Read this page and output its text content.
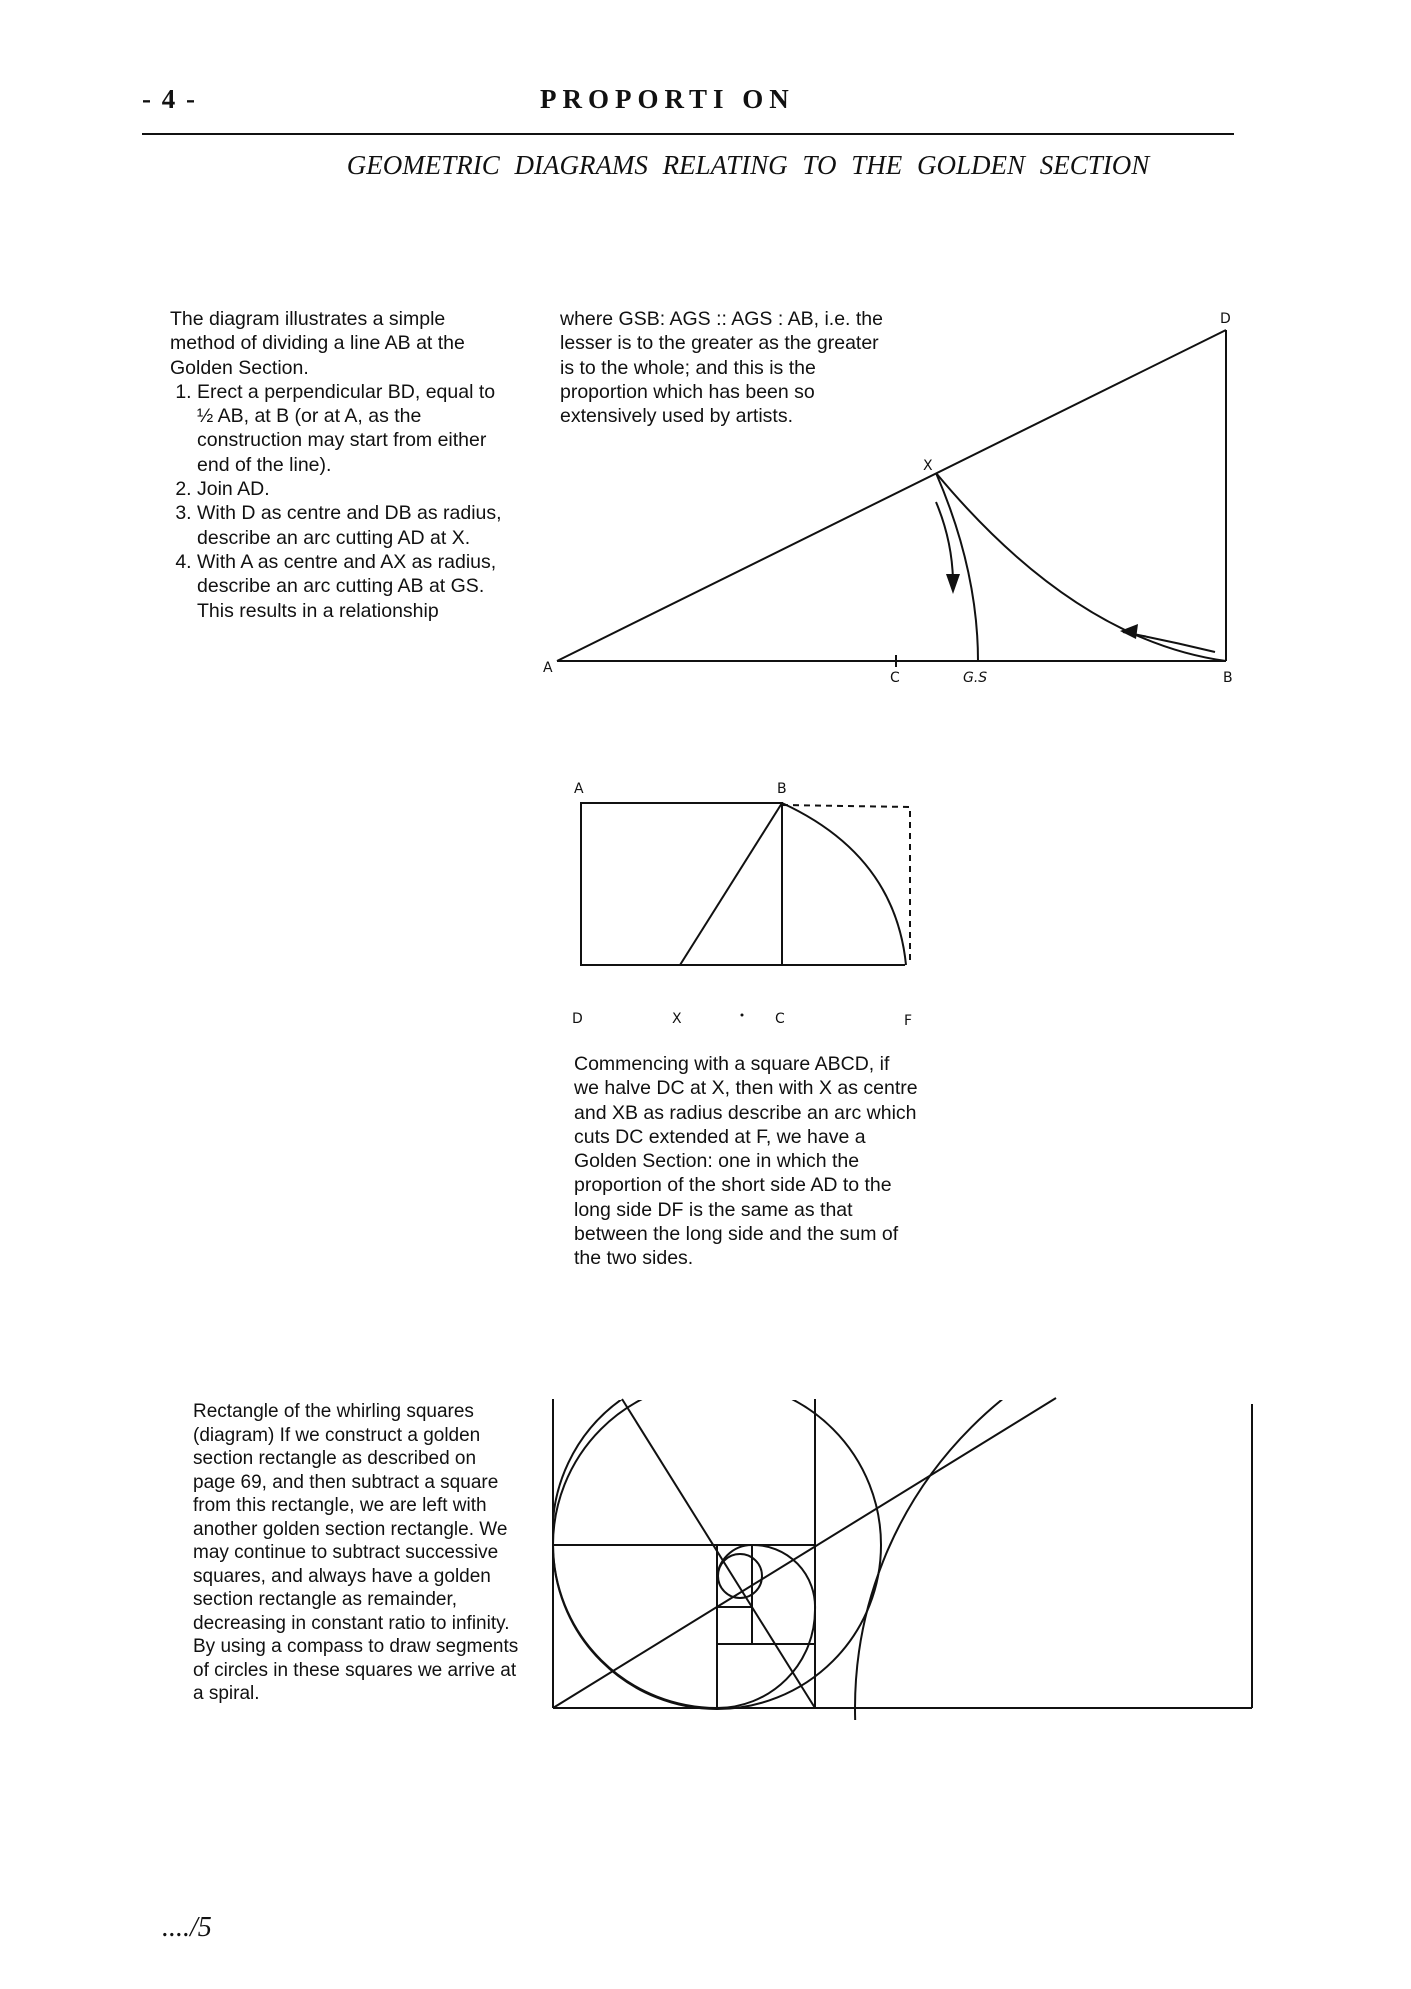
- 4 -	PROPORTI ON
GEOMETRIC DIAGRAMS RELATING TO THE GOLDEN SECTION
The diagram illustrates a simple method of dividing a line AB at the Golden Section.
1. Erect a perpendicular BD, equal to ½ AB, at B (or at A, as the construction may start from either end of the line).
2. Join AD.
3. With D as centre and DB as radius, describe an arc cutting AD at X.
4. With A as centre and AX as radius, describe an arc cutting AB at GS.
This results in a relationship
where GSB: AGS :: AGS : AB, i.e. the lesser is to the greater as the greater is to the whole; and this is the proportion which has been so extensively used by artists.
A
B
C
D
X
G.S
A	B
D	X	C	F
Commencing with a square ABCD, if we halve DC at X, then with X as centre and XB as radius describe an arc which cuts DC extended at F, we have a Golden Section: one in which the proportion of the short side AD to the long side DF is the same as that between the long side and the sum of the two sides.
Rectangle of the whirling squares (diagram) If we construct a golden section rectangle as described on page 69, and then subtract a square from this rectangle, we are left with another golden section rectangle. We may continue to subtract successive squares, and always have a golden section rectangle as remainder, decreasing in constant ratio to infinity. By using a compass to draw segments of circles in these squares we arrive at a spiral.
..../5
